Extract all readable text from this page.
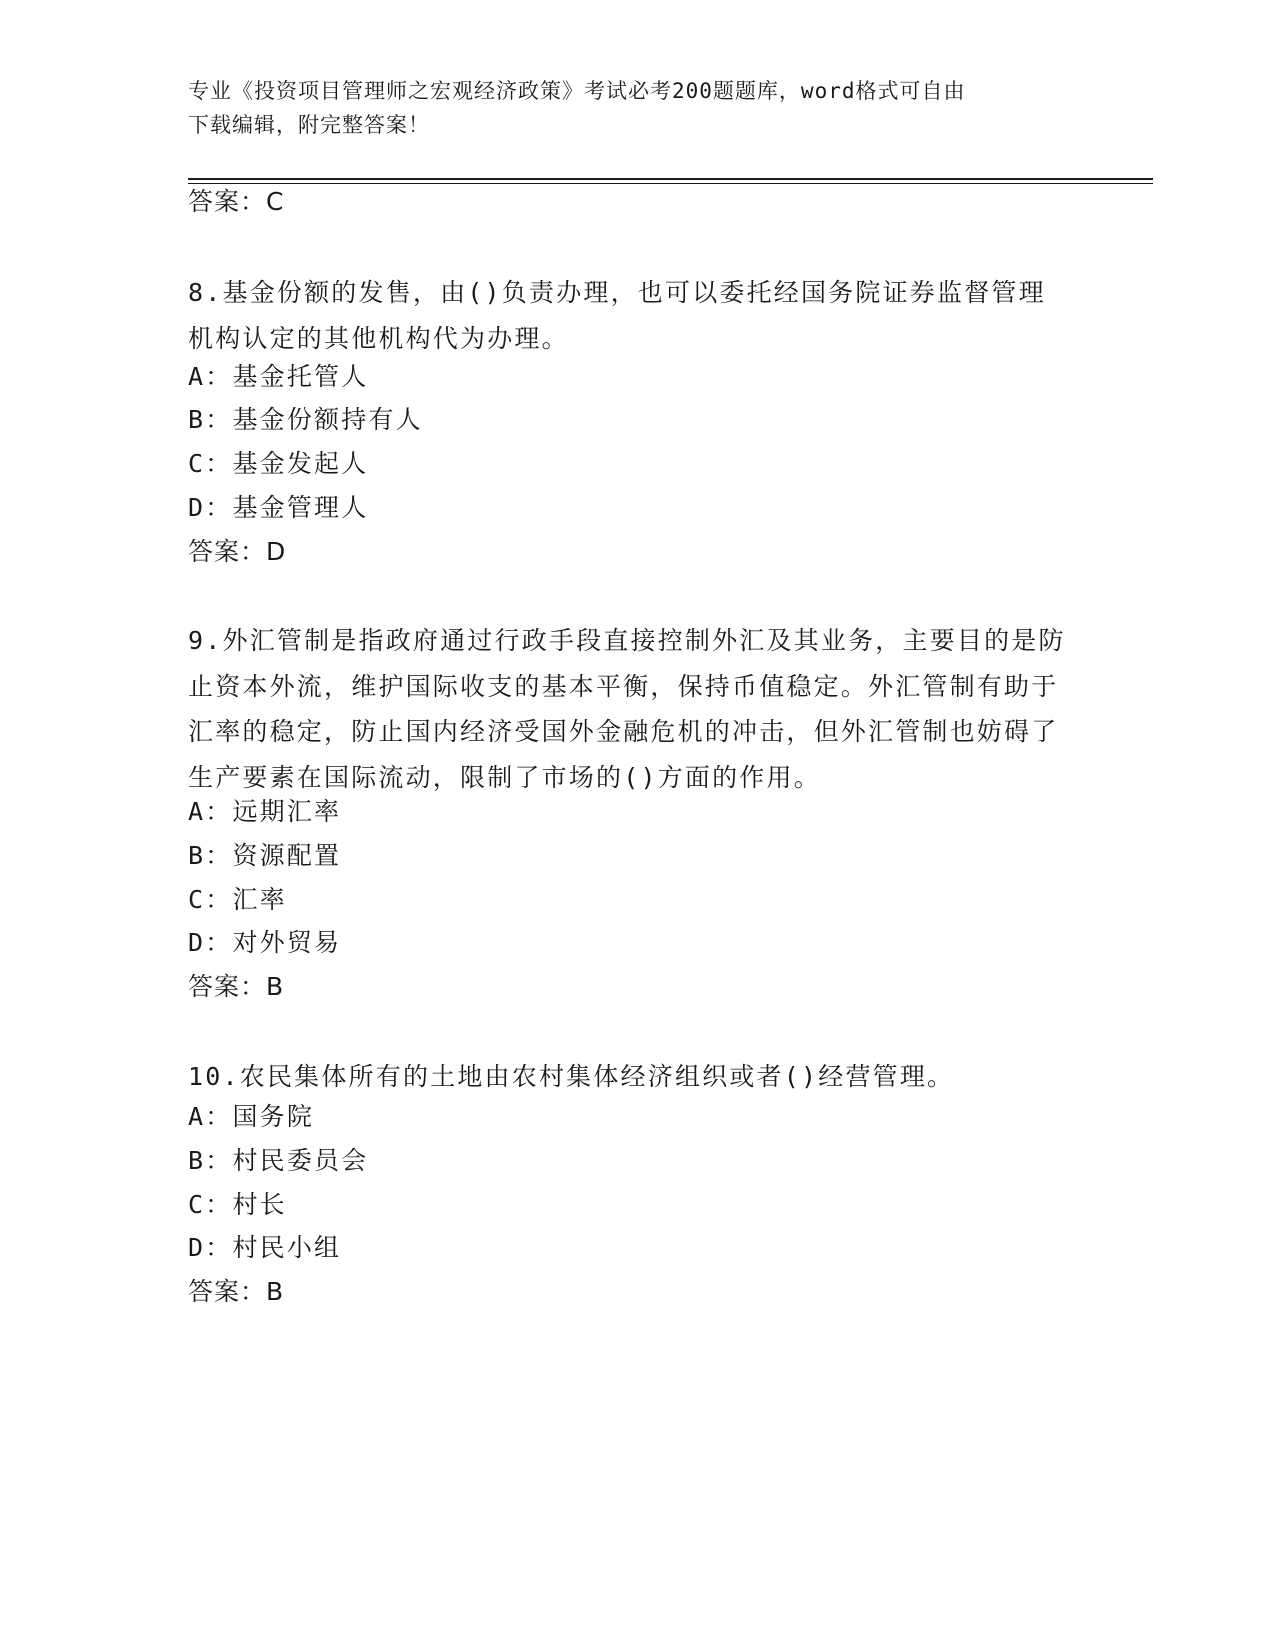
专业《投资项目管理师之宏观经济政策》考试必考200题题库，word格式可自由
下载编辑，附完整答案！
答案：C
8.基金份额的发售，由()负责办理，也可以委托经国务院证券监督管理机构认定的其他机构代为办理。
A：基金托管人
B：基金份额持有人
C：基金发起人
D：基金管理人
答案：D
9.外汇管制是指政府通过行政手段直接控制外汇及其业务，主要目的是防止资本外流，维护国际收支的基本平衡，保持币值稳定。外汇管制有助于汇率的稳定，防止国内经济受国外金融危机的冲击，但外汇管制也妨碍了生产要素在国际流动，限制了市场的()方面的作用。
A：远期汇率
B：资源配置
C：汇率
D：对外贸易
答案：B
10.农民集体所有的土地由农村集体经济组织或者()经营管理。
A：国务院
B：村民委员会
C：村长
D：村民小组
答案：B
